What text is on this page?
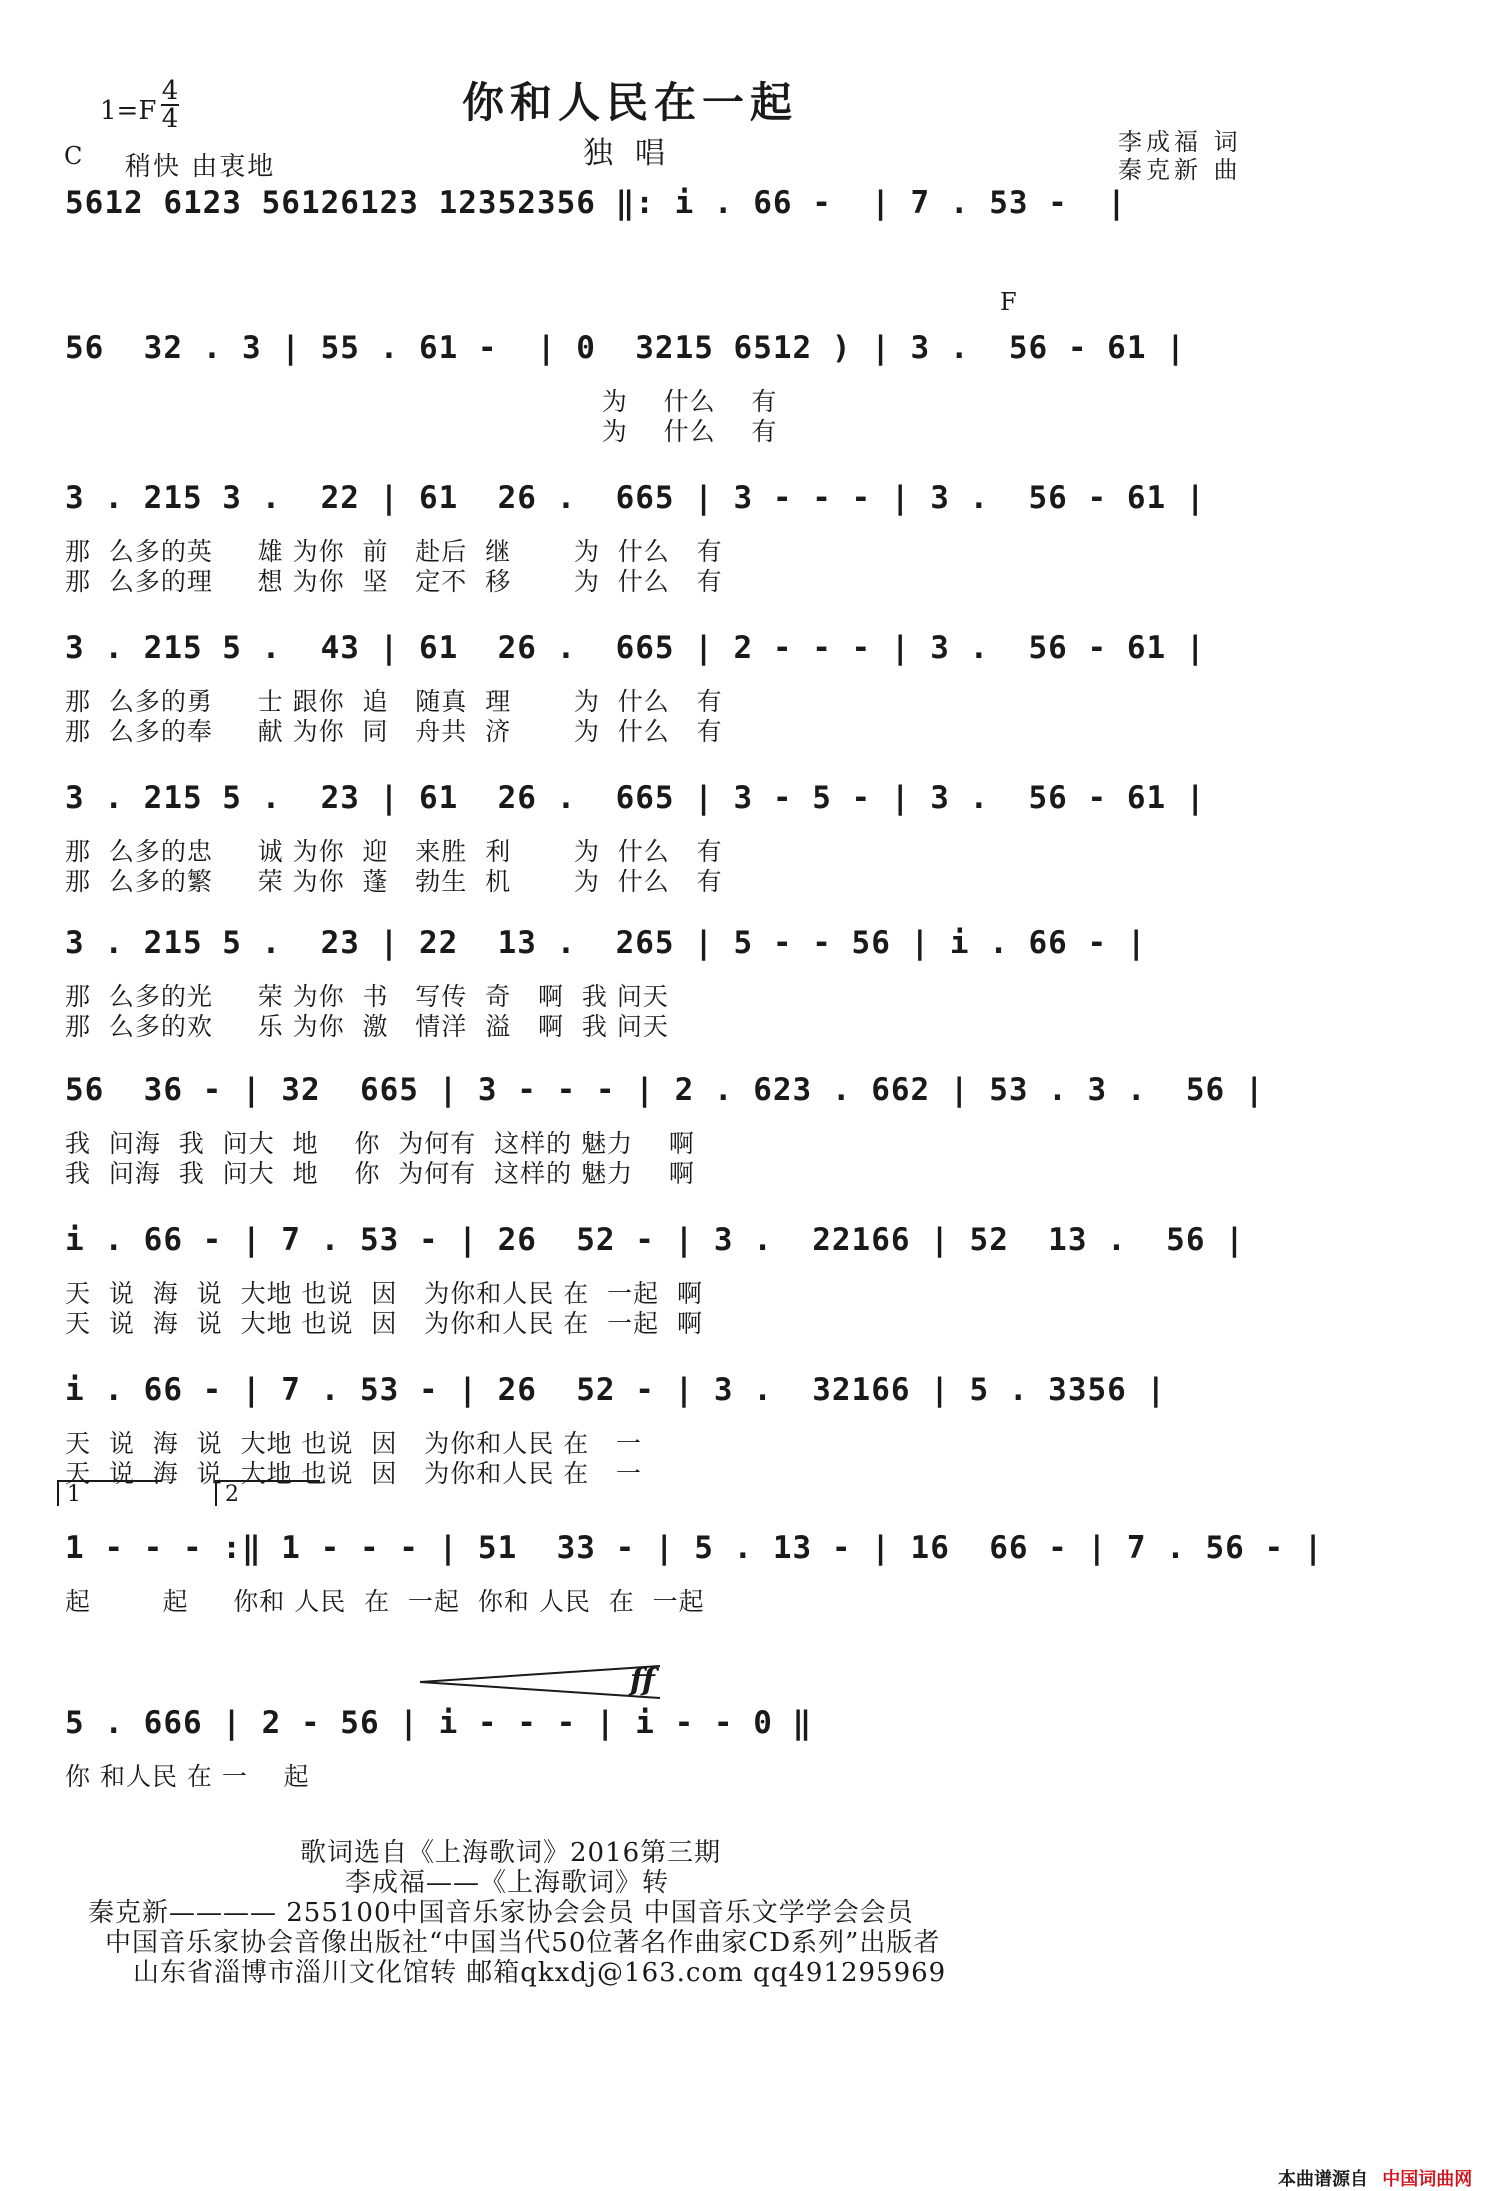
1=F
4
4	你和人民在一起
独唱
C 稍快 由衷地
李成福 词
秦克新 曲
5612 6123 56126123 12352356 ‖: i . 66 -  | 7 . 53 -  |
F
56  32 . 3 | 55 . 61 -  | 0  3215 6512 ) | 3 .  56 - 61 |
为    什么    有
为    什么    有
3 . 215 3 .  22 | 61  26 .  665 | 3 - - - | 3 .  56 - 61 |
那  么多的英     雄 为你  前   赴后  继       为  什么   有
那  么多的理     想 为你  坚   定不  移       为  什么   有
3 . 215 5 .  43 | 61  26 .  665 | 2 - - - | 3 .  56 - 61 |
那  么多的勇     士 跟你  追   随真  理       为  什么   有
那  么多的奉     献 为你  同   舟共  济       为  什么   有
3 . 215 5 .  23 | 61  26 .  665 | 3 - 5 - | 3 .  56 - 61 |
那  么多的忠     诚 为你  迎   来胜  利       为  什么   有
那  么多的繁     荣 为你  蓬   勃生  机       为  什么   有
3 . 215 5 .  23 | 22  13 .  265 | 5 - - 56 | i . 66 - |
那  么多的光     荣 为你  书   写传  奇   啊  我 问天
那  么多的欢     乐 为你  激   情洋  溢   啊  我 问天
56  36 - | 32  665 | 3 - - - | 2 . 623 . 662 | 53 . 3 .  56 |
我  问海  我  问大  地    你  为何有  这样的 魅力    啊
我  问海  我  问大  地    你  为何有  这样的 魅力    啊
i . 66 - | 7 . 53 - | 26  52 - | 3 .  22166 | 52  13 .  56 |
天  说  海  说  大地 也说  因   为你和人民 在  一起  啊
天  说  海  说  大地 也说  因   为你和人民 在  一起  啊
i . 66 - | 7 . 53 - | 26  52 - | 3 .  32166 | 5 . 3356 |
天  说  海  说  大地 也说  因   为你和人民 在   一
天  说  海  说  大地 也说  因   为你和人民 在   一
1	2
1 - - - :‖ 1 - - - | 51  33 - | 5 . 13 - | 16  66 - | 7 . 56 - |
起        起     你和 人民  在  一起  你和 人民  在  一起
ff
5 . 666 | 2 - 56 | i - - - | i - - 0 ‖
你 和人民 在 一    起
歌词选自《上海歌词》2016第三期
李成福——《上海歌词》转
秦克新———— 255100中国音乐家协会会员 中国音乐文学学会会员
中国音乐家协会音像出版社“中国当代50位著名作曲家CD系列”出版者
山东省淄博市淄川文化馆转 邮箱qkxdj@163.com qq491295969
本曲谱源自 中国词曲网
